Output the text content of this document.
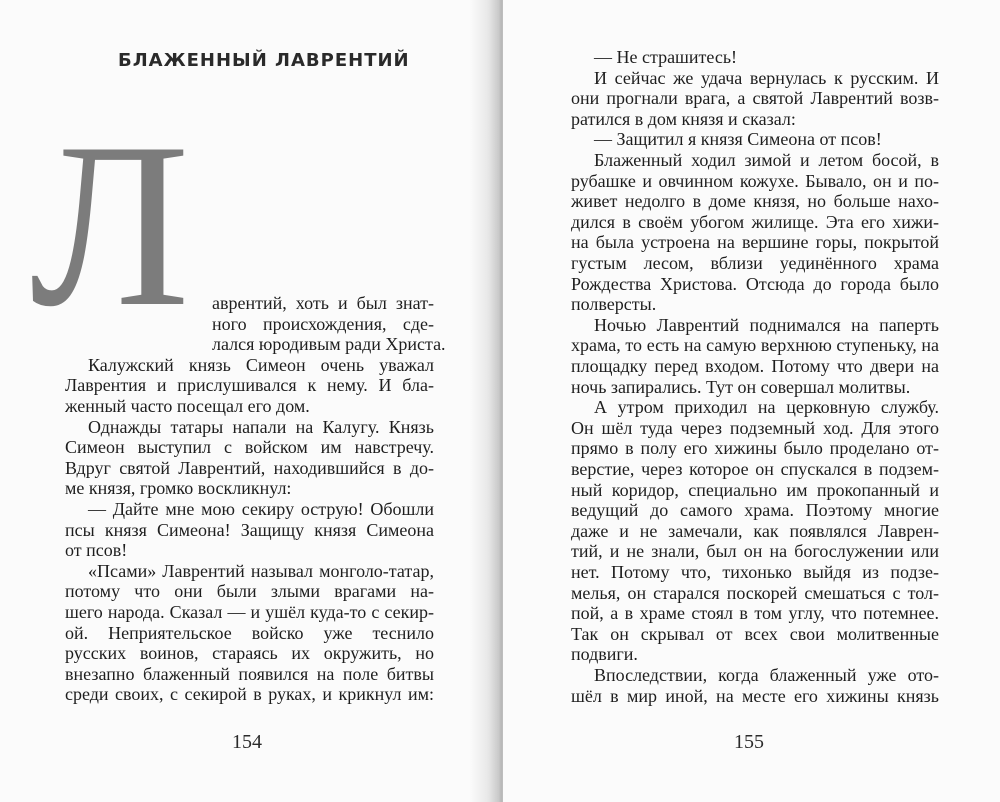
БЛАЖЕННЫЙ ЛАВРЕНТИЙ
Л аврентий, хоть и был знат-
ного происхождения, сде-
лался юродивым ради Христа.
Калужский князь Симеон очень уважал
Лаврентия и прислушивался к нему. И бла-
женный часто посещал его дом.
Однажды татары напали на Калугу. Князь
Симеон выступил с войском им навстречу.
Вдруг святой Лаврентий, находившийся в до-
ме князя, громко воскликнул:
— Дайте мне мою секиру острую! Обошли
псы князя Симеона! Защищу князя Симеона
от псов!
«Псами» Лаврентий называл монголо-татар,
потому что они были злыми врагами на-
шего народа. Сказал — и ушёл куда-то с секир-
ой. Неприятельское войско уже теснило
русских воинов, стараясь их окружить, но
внезапно блаженный появился на поле битвы
среди своих, с секирой в руках, и крикнул им:
154
— Не страшитесь!
И сейчас же удача вернулась к русским. И
они прогнали врага, а святой Лаврентий возв-
ратился в дом князя и сказал:
— Защитил я князя Симеона от псов!
Блаженный ходил зимой и летом босой, в
рубашке и овчинном кожухе. Бывало, он и по-
живет недолго в доме князя, но больше нахо-
дился в своём убогом жилище. Эта его хижи-
на была устроена на вершине горы, покрытой
густым лесом, вблизи уединённого храма
Рождества Христова. Отсюда до города было
полверсты.
Ночью Лаврентий поднимался на паперть
храма, то есть на самую верхнюю ступеньку, на
площадку перед входом. Потому что двери на
ночь запирались. Тут он совершал молитвы.
А утром приходил на церковную службу.
Он шёл туда через подземный ход. Для этого
прямо в полу его хижины было проделано от-
верстие, через которое он спускался в подзем-
ный коридор, специально им прокопанный и
ведущий до самого храма. Поэтому многие
даже и не замечали, как появлялся Лаврен-
тий, и не знали, был он на богослужении или
нет. Потому что, тихонько выйдя из подзе-
мелья, он старался поскорей смешаться с тол-
пой, а в храме стоял в том углу, что потемнее.
Так он скрывал от всех свои молитвенные
подвиги.
Впоследствии, когда блаженный уже ото-
шёл в мир иной, на месте его хижины князь
155
